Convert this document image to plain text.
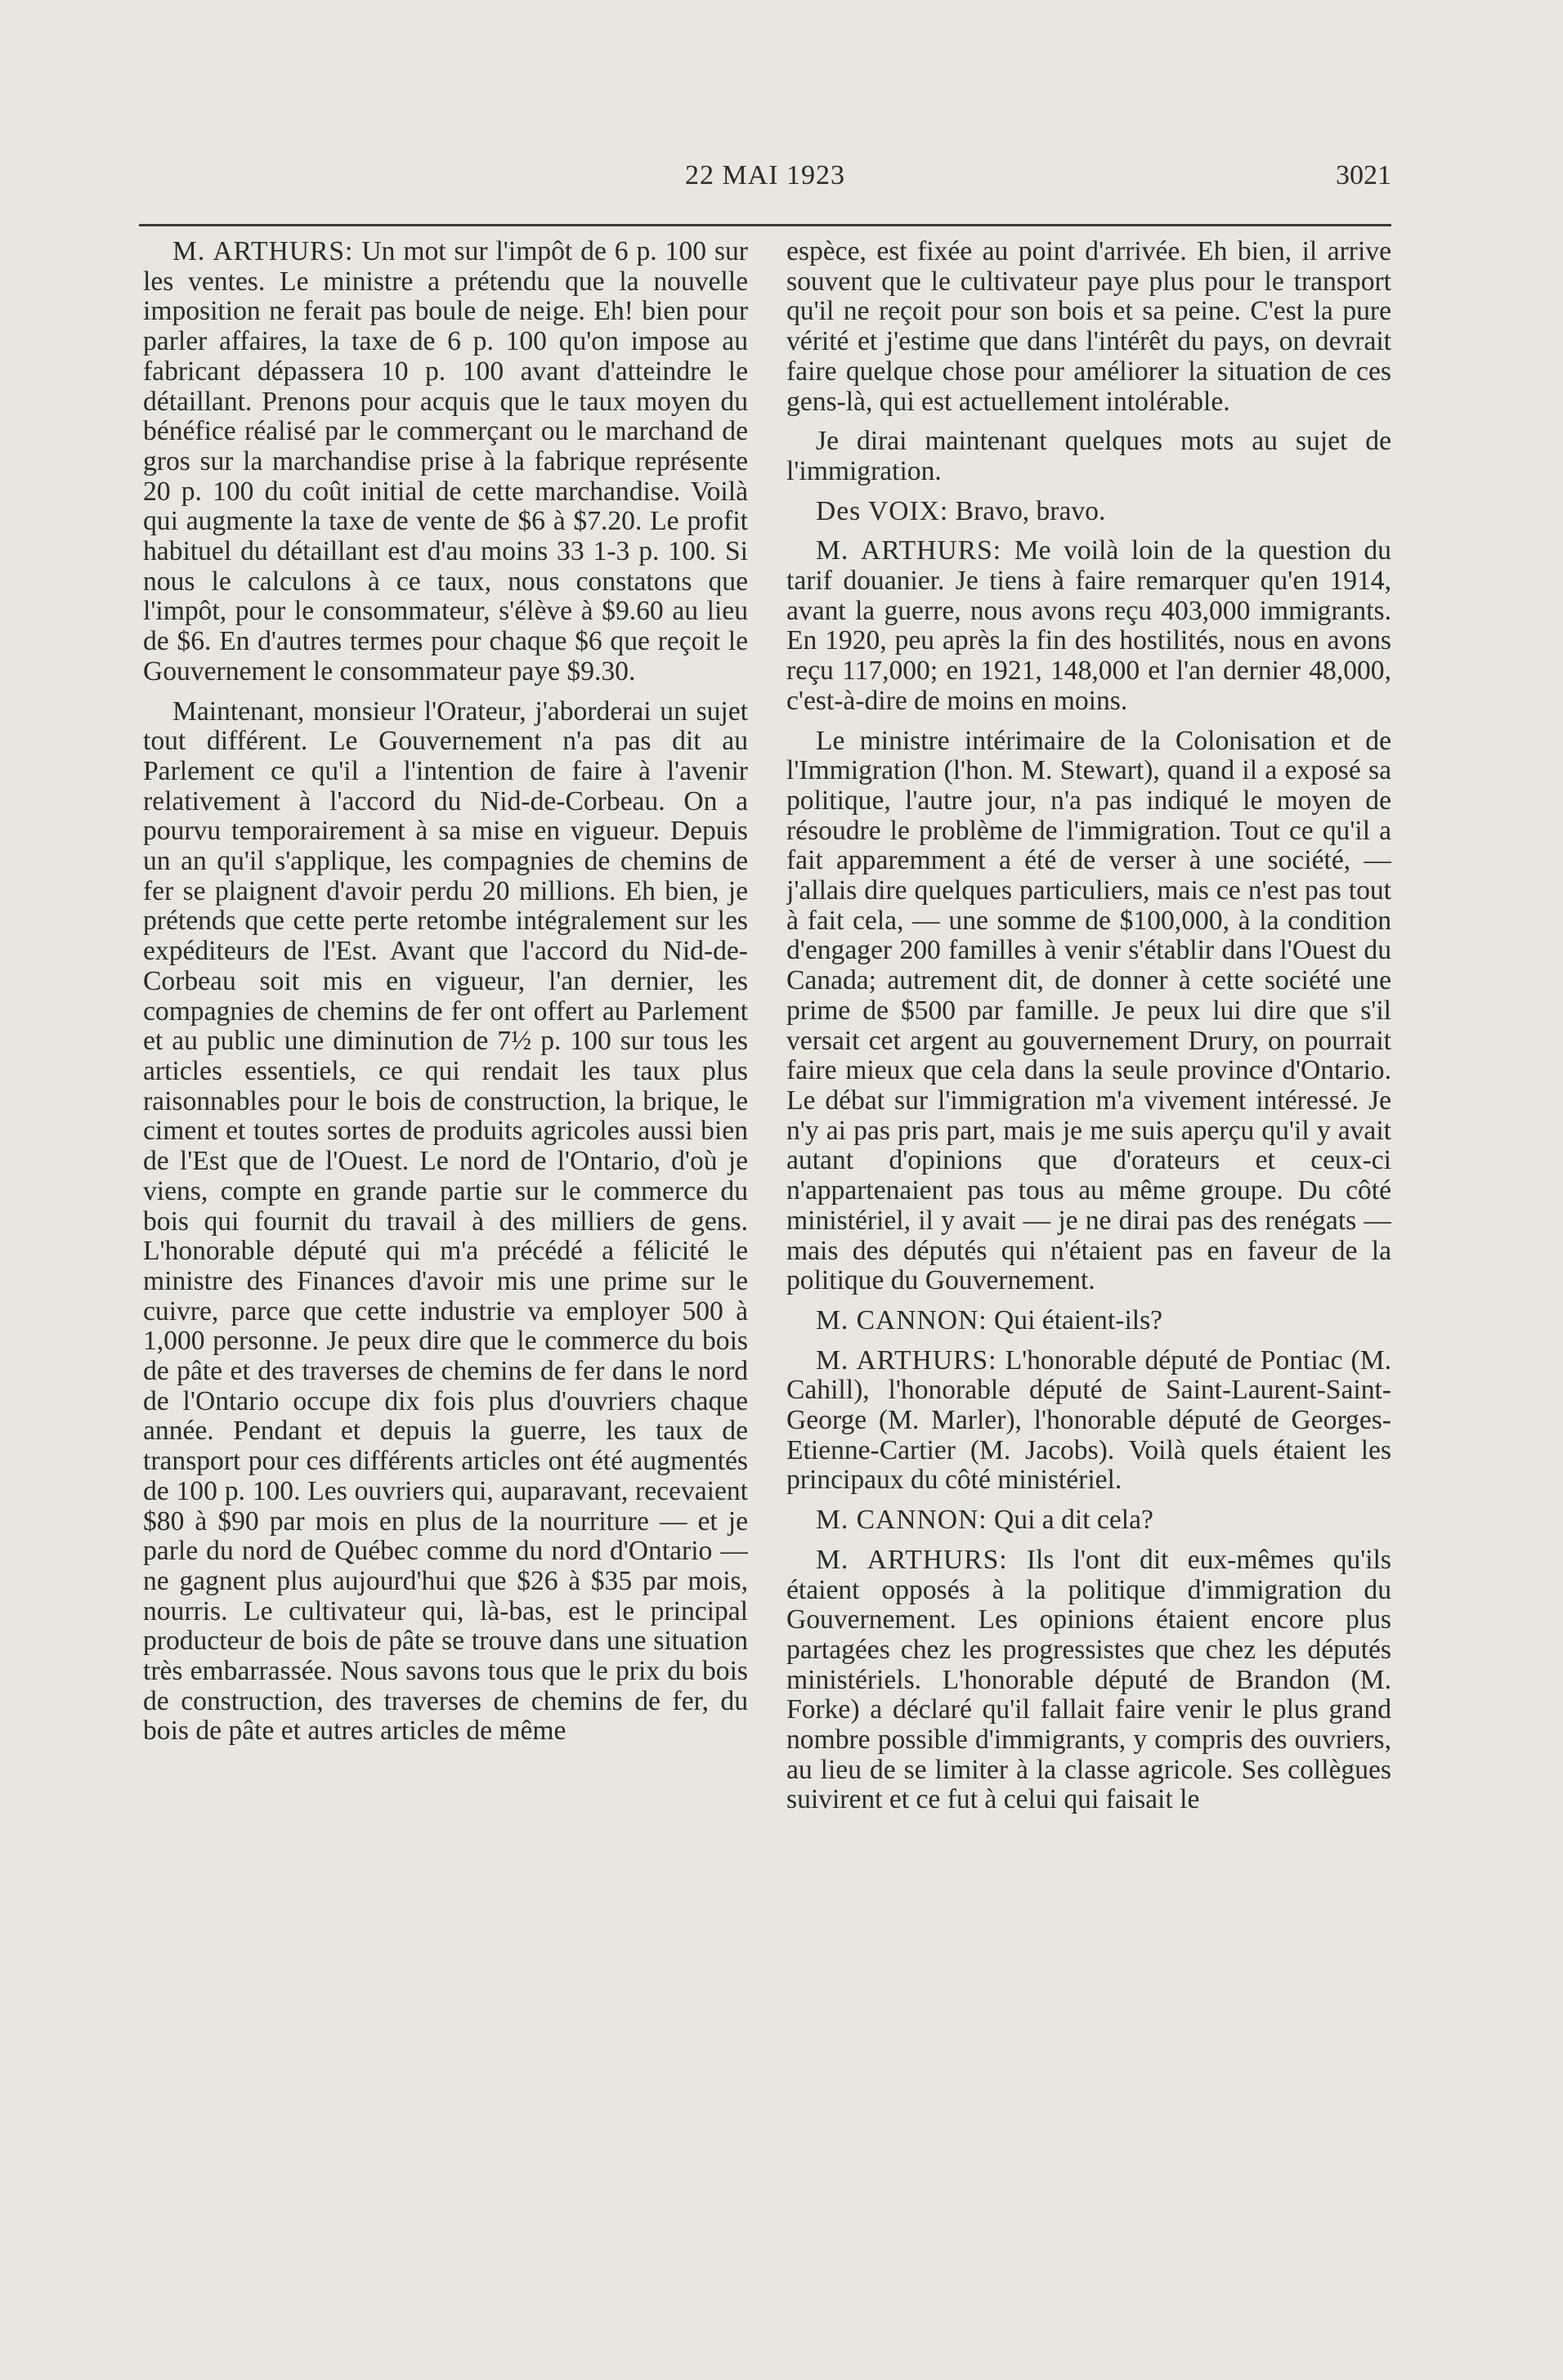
22 MAI 1923	3021

M. ARTHURS: Un mot sur l'impôt de 6 p. 100 sur les ventes. Le ministre a prétendu que la nouvelle imposition ne ferait pas boule de neige. Eh! bien pour parler affaires, la taxe de 6 p. 100 qu'on impose au fabricant dépassera 10 p. 100 avant d'atteindre le détaillant. Prenons pour acquis que le taux moyen du bénéfice réalisé par le commerçant ou le marchand de gros sur la marchandise prise à la fabrique représente 20 p. 100 du coût initial de cette marchandise. Voilà qui augmente la taxe de vente de $6 à $7.20. Le profit habituel du détaillant est d'au moins 33 1-3 p. 100. Si nous le calculons à ce taux, nous constatons que l'impôt, pour le consommateur, s'élève à $9.60 au lieu de $6. En d'autres termes pour chaque $6 que reçoit le Gouvernement le consommateur paye $9.30.

Maintenant, monsieur l'Orateur, j'aborderai un sujet tout différent. Le Gouvernement n'a pas dit au Parlement ce qu'il a l'intention de faire à l'avenir relativement à l'accord du Nid-de-Corbeau. On a pourvu temporairement à sa mise en vigueur. Depuis un an qu'il s'applique, les compagnies de chemins de fer se plaignent d'avoir perdu 20 millions. Eh bien, je prétends que cette perte retombe intégralement sur les expéditeurs de l'Est. Avant que l'accord du Nid-de-Corbeau soit mis en vigueur, l'an dernier, les compagnies de chemins de fer ont offert au Parlement et au public une diminution de 7½ p. 100 sur tous les articles essentiels, ce qui rendait les taux plus raisonnables pour le bois de construction, la brique, le ciment et toutes sortes de produits agricoles aussi bien de l'Est que de l'Ouest. Le nord de l'Ontario, d'où je viens, compte en grande partie sur le commerce du bois qui fournit du travail à des milliers de gens. L'honorable député qui m'a précédé a félicité le ministre des Finances d'avoir mis une prime sur le cuivre, parce que cette industrie va employer 500 à 1,000 personne. Je peux dire que le commerce du bois de pâte et des traverses de chemins de fer dans le nord de l'Ontario occupe dix fois plus d'ouvriers chaque année. Pendant et depuis la guerre, les taux de transport pour ces différents articles ont été augmentés de 100 p. 100. Les ouvriers qui, auparavant, recevaient $80 à $90 par mois en plus de la nourriture — et je parle du nord de Québec comme du nord d'Ontario — ne gagnent plus aujourd'hui que $26 à $35 par mois, nourris. Le cultivateur qui, là-bas, est le principal producteur de bois de pâte se trouve dans une situation très embarrassée. Nous savons tous que le prix du bois de construction, des traverses de chemins de fer, du bois de pâte et autres articles de même

espèce, est fixée au point d'arrivée. Eh bien, il arrive souvent que le cultivateur paye plus pour le transport qu'il ne reçoit pour son bois et sa peine. C'est la pure vérité et j'estime que dans l'intérêt du pays, on devrait faire quelque chose pour améliorer la situation de ces gens-là, qui est actuellement intolérable.

Je dirai maintenant quelques mots au sujet de l'immigration.

Des VOIX: Bravo, bravo.

M. ARTHURS: Me voilà loin de la question du tarif douanier. Je tiens à faire remarquer qu'en 1914, avant la guerre, nous avons reçu 403,000 immigrants. En 1920, peu après la fin des hostilités, nous en avons reçu 117,000; en 1921, 148,000 et l'an dernier 48,000, c'est-à-dire de moins en moins.

Le ministre intérimaire de la Colonisation et de l'Immigration (l'hon. M. Stewart), quand il a exposé sa politique, l'autre jour, n'a pas indiqué le moyen de résoudre le problème de l'immigration. Tout ce qu'il a fait apparemment a été de verser à une société, — j'allais dire quelques particuliers, mais ce n'est pas tout à fait cela, — une somme de $100,000, à la condition d'engager 200 familles à venir s'établir dans l'Ouest du Canada; autrement dit, de donner à cette société une prime de $500 par famille. Je peux lui dire que s'il versait cet argent au gouvernement Drury, on pourrait faire mieux que cela dans la seule province d'Ontario. Le débat sur l'immigration m'a vivement intéressé. Je n'y ai pas pris part, mais je me suis aperçu qu'il y avait autant d'opinions que d'orateurs et ceux-ci n'appartenaient pas tous au même groupe. Du côté ministériel, il y avait — je ne dirai pas des renégats — mais des députés qui n'étaient pas en faveur de la politique du Gouvernement.

M. CANNON: Qui étaient-ils?

M. ARTHURS: L'honorable député de Pontiac (M. Cahill), l'honorable député de Saint-Laurent-Saint-George (M. Marler), l'honorable député de Georges-Etienne-Cartier (M. Jacobs). Voilà quels étaient les principaux du côté ministériel.

M. CANNON: Qui a dit cela?

M. ARTHURS: Ils l'ont dit eux-mêmes qu'ils étaient opposés à la politique d'immigration du Gouvernement. Les opinions étaient encore plus partagées chez les progressistes que chez les députés ministériels. L'honorable député de Brandon (M. Forke) a déclaré qu'il fallait faire venir le plus grand nombre possible d'immigrants, y compris des ouvriers, au lieu de se limiter à la classe agricole. Ses collègues suivirent et ce fut à celui qui faisait le
